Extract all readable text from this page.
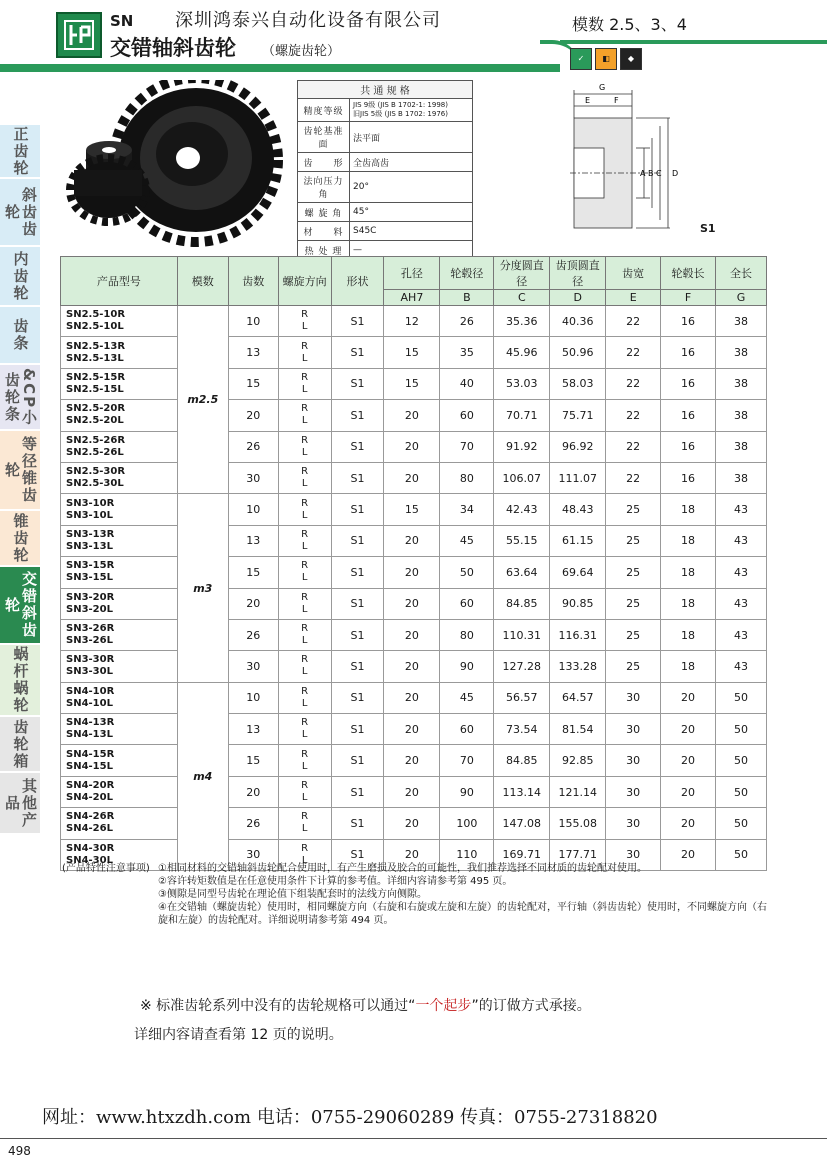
SN 深圳鸿泰兴自动化设备有限公司
交错轴斜齿轮 （螺旋齿轮）
模数 2.5、3、4
✓	◧	◆
共 通 规 格	
精度等级	JIS 9级 (JIS B 1702-1: 1998)
旧JIS 5级 (JIS B 1702: 1976)
齿轮基准面	法平面
齿　　形	全齿高齿
法向压力角	20°
螺 旋 角	45°
材　　料	S45C
热 处 理	—
G
E	F
A B C D
S1
正齿轮
斜齿齿轮
内齿轮
齿条
&CP小齿轮条
等径锥齿轮
锥齿轮
交错斜齿轮
蜗杆蜗轮
齿轮箱
其他产品
产品型号	模数	齿数	螺旋方向	形状	孔径	轮毂径	分度圆直径	齿顶圆直径	齿宽	轮毂长	全长
					AH7	B	C	D	E	F	G
SN2.5-10R
SN2.5-10L	m2.5	10	R
L	S1	12	26	35.36	40.36	22	16	38
SN2.5-13R
SN2.5-13L		13	R
L	S1	15	35	45.96	50.96	22	16	38
SN2.5-15R
SN2.5-15L		15	R
L	S1	15	40	53.03	58.03	22	16	38
SN2.5-20R
SN2.5-20L		20	R
L	S1	20	60	70.71	75.71	22	16	38
SN2.5-26R
SN2.5-26L		26	R
L	S1	20	70	91.92	96.92	22	16	38
SN2.5-30R
SN2.5-30L		30	R
L	S1	20	80	106.07	111.07	22	16	38
SN3-10R
SN3-10L	m3	10	R
L	S1	15	34	42.43	48.43	25	18	43
SN3-13R
SN3-13L		13	R
L	S1	20	45	55.15	61.15	25	18	43
SN3-15R
SN3-15L		15	R
L	S1	20	50	63.64	69.64	25	18	43
SN3-20R
SN3-20L		20	R
L	S1	20	60	84.85	90.85	25	18	43
SN3-26R
SN3-26L		26	R
L	S1	20	80	110.31	116.31	25	18	43
SN3-30R
SN3-30L		30	R
L	S1	20	90	127.28	133.28	25	18	43
SN4-10R
SN4-10L	m4	10	R
L	S1	20	45	56.57	64.57	30	20	50
SN4-13R
SN4-13L		13	R
L	S1	20	60	73.54	81.54	30	20	50
SN4-15R
SN4-15L		15	R
L	S1	20	70	84.85	92.85	30	20	50
SN4-20R
SN4-20L		20	R
L	S1	20	90	113.14	121.14	30	20	50
SN4-26R
SN4-26L		26	R
L	S1	20	100	147.08	155.08	30	20	50
SN4-30R
SN4-30L		30	R
L	S1	20	110	169.71	177.71	30	20	50
(产品特性注意事项) ①相同材料的交错轴斜齿轮配合使用时，有产生磨损及胶合的可能性，我们推荐选择不同材质的齿轮配对使用。
②容许转矩数值是在任意使用条件下计算的参考值。详细内容请参考第 495 页。
③侧隙是同型号齿轮在理论值下组装配套时的法线方向侧隙。
④在交错轴（螺旋齿轮）使用时，相同螺旋方向（右旋和右旋或左旋和左旋）的齿轮配对，平行轴（斜齿齿轮）使用时，不同螺旋方向（右旋和左旋）的齿轮配对。详细说明请参考第 494 页。
※ 标准齿轮系列中没有的齿轮规格可以通过“一个起步”的订做方式承接。
详细内容请查看第 12 页的说明。
网址：www.htxzdh.com 电话：0755-29060289 传真：0755-27318820
498
